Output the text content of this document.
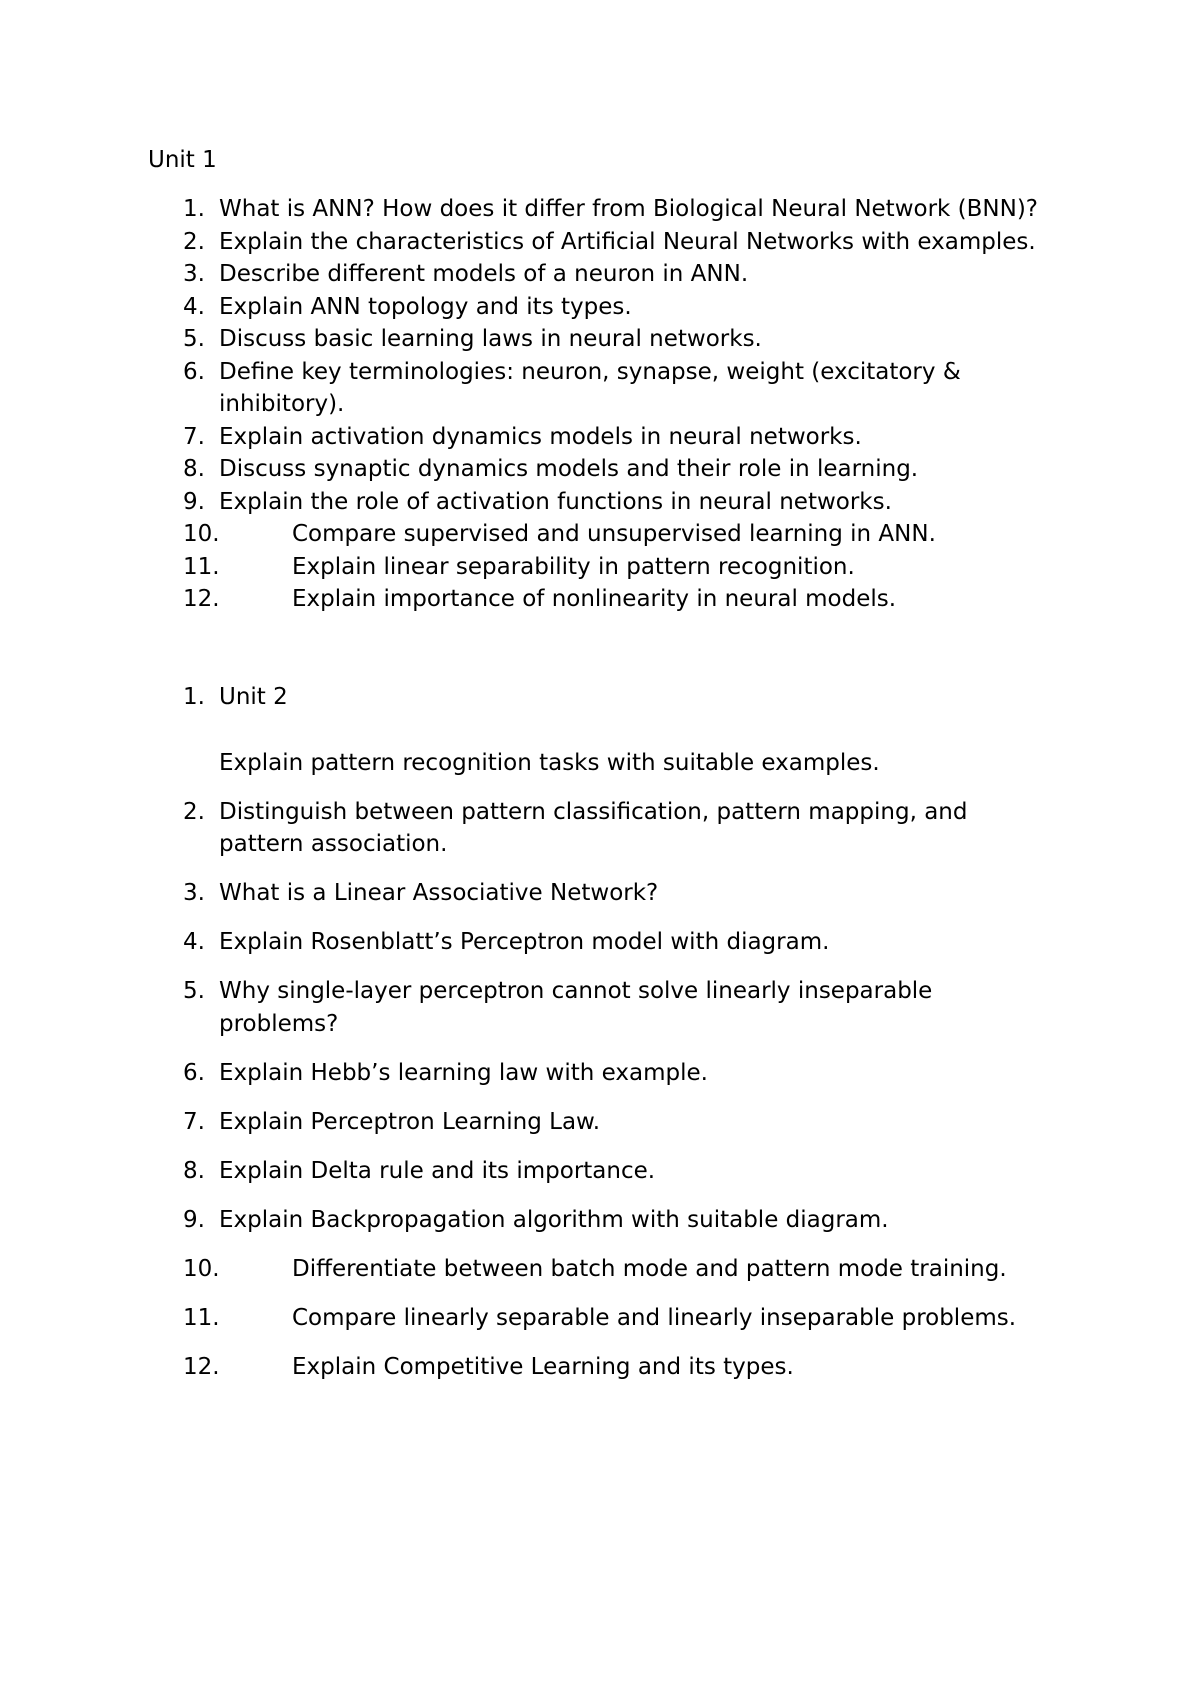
Unit 1
1. What is ANN? How does it differ from Biological Neural Network (BNN)?
2. Explain the characteristics of Artificial Neural Networks with examples.
3. Describe different models of a neuron in ANN.
4. Explain ANN topology and its types.
5. Discuss basic learning laws in neural networks.
6. Define key terminologies: neuron, synapse, weight (excitatory & inhibitory).
7. Explain activation dynamics models in neural networks.
8. Discuss synaptic dynamics models and their role in learning.
9. Explain the role of activation functions in neural networks.
10.	Compare supervised and unsupervised learning in ANN.
11.	Explain linear separability in pattern recognition.
12.	Explain importance of nonlinearity in neural models.
1. Unit 2
Explain pattern recognition tasks with suitable examples.
2. Distinguish between pattern classification, pattern mapping, and pattern association.
3. What is a Linear Associative Network?
4. Explain Rosenblatt’s Perceptron model with diagram.
5. Why single-layer perceptron cannot solve linearly inseparable problems?
6. Explain Hebb’s learning law with example.
7. Explain Perceptron Learning Law.
8. Explain Delta rule and its importance.
9. Explain Backpropagation algorithm with suitable diagram.
10.	Differentiate between batch mode and pattern mode training.
11.	Compare linearly separable and linearly inseparable problems.
12.	Explain Competitive Learning and its types.
